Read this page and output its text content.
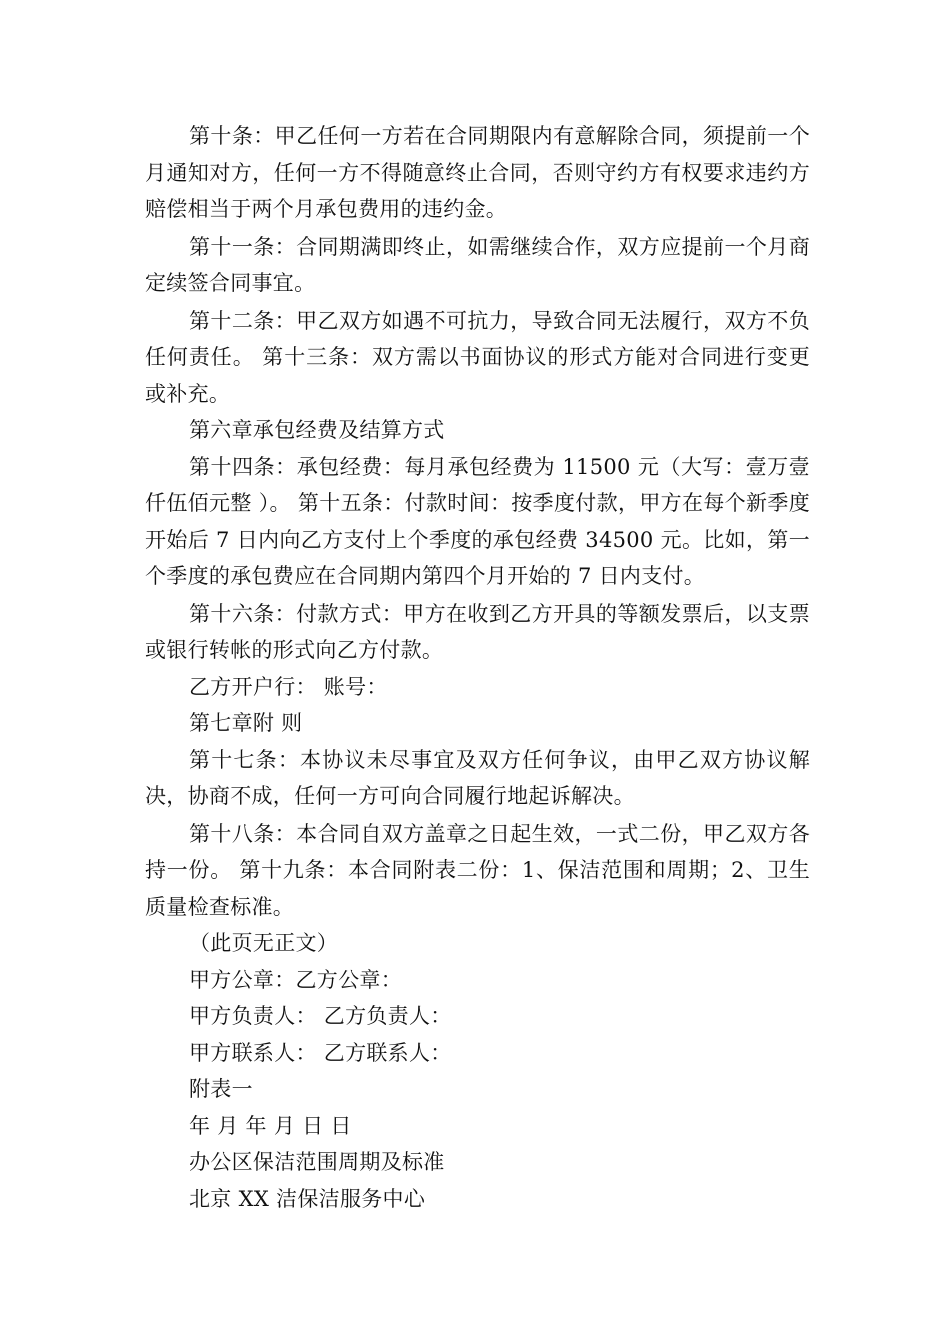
第十条：甲乙任何一方若在合同期限内有意解除合同，须提前一个月通知对方，任何一方不得随意终止合同，否则守约方有权要求违约方赔偿相当于两个月承包费用的违约金。

第十一条：合同期满即终止，如需继续合作，双方应提前一个月商定续签合同事宜。

第十二条：甲乙双方如遇不可抗力，导致合同无法履行，双方不负任何责任。 第十三条：双方需以书面协议的形式方能对合同进行变更或补充。

第六章承包经费及结算方式

第十四条：承包经费：每月承包经费为 11500 元（大写：壹万壹仟伍佰元整 ）。 第十五条：付款时间：按季度付款，甲方在每个新季度开始后 7 日内向乙方支付上个季度的承包经费 34500 元。比如，第一个季度的承包费应在合同期内第四个月开始的 7 日内支付。

第十六条：付款方式：甲方在收到乙方开具的等额发票后，以支票或银行转帐的形式向乙方付款。

乙方开户行： 账号：

第七章附 则

第十七条：本协议未尽事宜及双方任何争议，由甲乙双方协议解决，协商不成，任何一方可向合同履行地起诉解决。

第十八条：本合同自双方盖章之日起生效，一式二份，甲乙双方各持一份。 第十九条：本合同附表二份：1、保洁范围和周期；2、卫生质量检查标准。

（此页无正文）

甲方公章：乙方公章：

甲方负责人： 乙方负责人：

甲方联系人： 乙方联系人：

附表一

年 月 年 月 日 日

办公区保洁范围周期及标准

北京 XX 洁保洁服务中心
